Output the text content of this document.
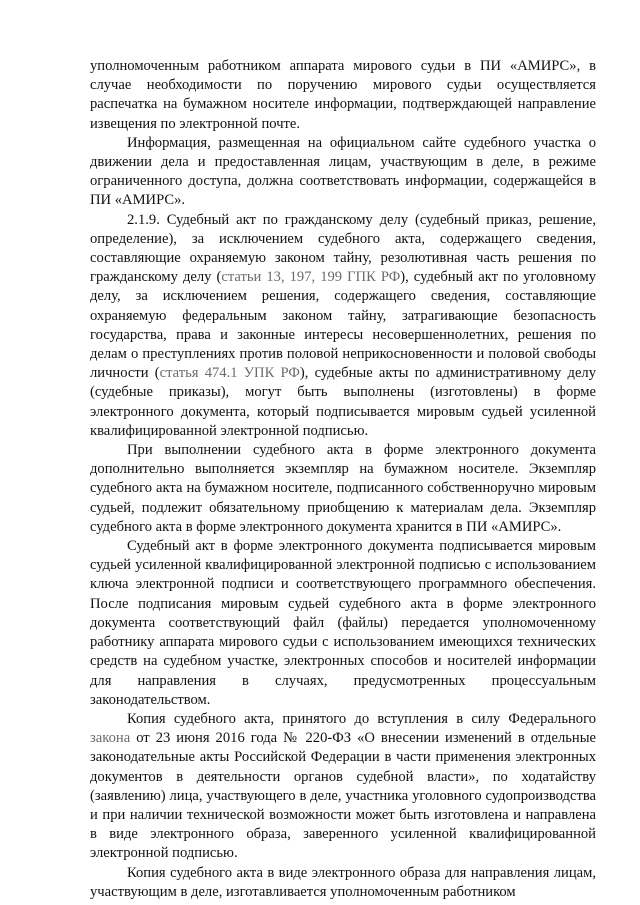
уполномоченным работником аппарата мирового судьи в ПИ «АМИРС», в случае необходимости по поручению мирового судьи осуществляется распечатка на бумажном носителе информации, подтверждающей направление извещения по электронной почте.

Информация, размещенная на официальном сайте судебного участка о движении дела и предоставленная лицам, участвующим в деле, в режиме ограниченного доступа, должна соответствовать информации, содержащейся в ПИ «АМИРС».

2.1.9. Судебный акт по гражданскому делу (судебный приказ, решение, определение), за исключением судебного акта, содержащего сведения, составляющие охраняемую законом тайну, резолютивная часть решения по гражданскому делу (статьи 13, 197, 199 ГПК РФ), судебный акт по уголовному делу, за исключением решения, содержащего сведения, составляющие охраняемую федеральным законом тайну, затрагивающие безопасность государства, права и законные интересы несовершеннолетних, решения по делам о преступлениях против половой неприкосновенности и половой свободы личности (статья 474.1 УПК РФ), судебные акты по административному делу (судебные приказы), могут быть выполнены (изготовлены) в форме электронного документа, который подписывается мировым судьей усиленной квалифицированной электронной подписью.

При выполнении судебного акта в форме электронного документа дополнительно выполняется экземпляр на бумажном носителе. Экземпляр судебного акта на бумажном носителе, подписанного собственноручно мировым судьей, подлежит обязательному приобщению к материалам дела. Экземпляр судебного акта в форме электронного документа хранится в ПИ «АМИРС».

Судебный акт в форме электронного документа подписывается мировым судьей усиленной квалифицированной электронной подписью с использованием ключа электронной подписи и соответствующего программного обеспечения. После подписания мировым судьей судебного акта в форме электронного документа соответствующий файл (файлы) передается уполномоченному работнику аппарата мирового судьи с использованием имеющихся технических средств на судебном участке, электронных способов и носителей информации для направления в случаях, предусмотренных процессуальным законодательством.

Копия судебного акта, принятого до вступления в силу Федерального закона от 23 июня 2016 года № 220-ФЗ «О внесении изменений в отдельные законодательные акты Российской Федерации в части применения электронных документов в деятельности органов судебной власти», по ходатайству (заявлению) лица, участвующего в деле, участника уголовного судопроизводства и при наличии технической возможности может быть изготовлена и направлена в виде электронного образа, заверенного усиленной квалифицированной электронной подписью.

Копия судебного акта в виде электронного образа для направления лицам, участвующим в деле, изготавливается уполномоченным работником
